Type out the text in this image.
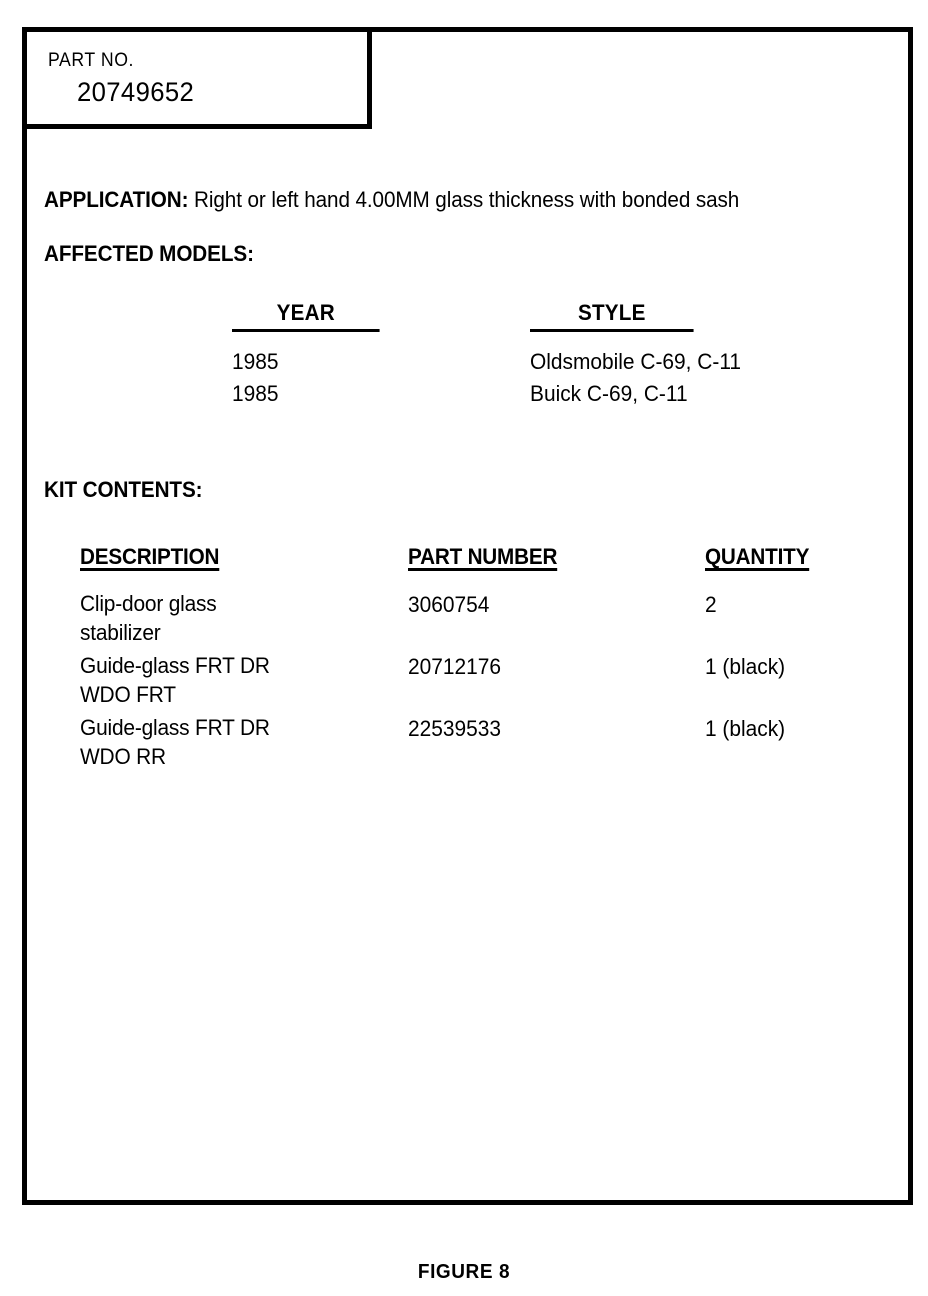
PART NO.
20749652
APPLICATION: Right or left hand 4.00MM glass thickness with bonded sash
AFFECTED MODELS:
YEAR	STYLE
1985	Oldsmobile C-69, C-11
1985	Buick C-69, C-11
KIT CONTENTS:
DESCRIPTION	PART NUMBER	QUANTITY
Clip-door glass
stabilizer
3060754	2
Guide-glass FRT DR
WDO FRT
20712176	1 (black)
Guide-glass FRT DR
WDO RR
22539533	1 (black)
FIGURE 8
